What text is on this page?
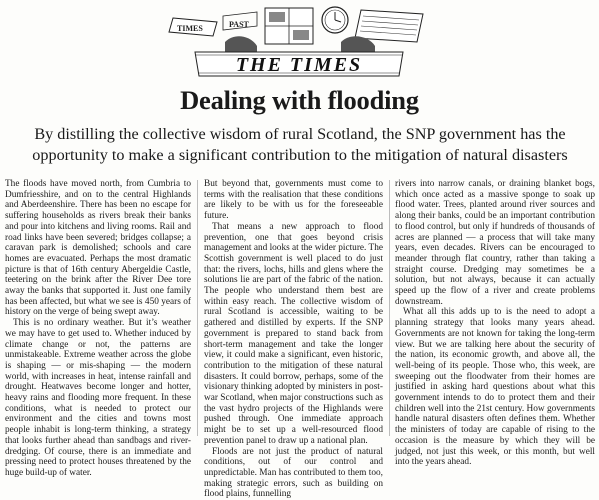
TIMES	PAST
THE TIMES
Dealing with flooding

By distilling the collective wisdom of rural Scotland, the SNP government has the opportunity to make a significant contribution to the mitigation of natural disasters

The floods have moved north, from Cumbria to Dumfriesshire, and on to the central Highlands and Aberdeenshire. There has been no escape for suffering households as rivers break their banks and pour into kitchens and living rooms. Rail and road links have been severed; bridges collapse; a caravan park is demolished; schools and care homes are evacuated. Perhaps the most dramatic picture is that of 16th century Abergeldie Castle, teetering on the brink after the River Dee tore away the banks that supported it. Just one family has been affected, but what we see is 450 years of history on the verge of being swept away.

This is no ordinary weather. But it’s weather we may have to get used to. Whether induced by climate change or not, the patterns are unmistakeable. Extreme weather across the globe is shaping — or mis-shaping — the modern world, with increases in heat, intense rainfall and drought. Heatwaves become longer and hotter, heavy rains and flooding more frequent. In these conditions, what is needed to protect our environment and the cities and towns most people inhabit is long-term thinking, a strategy that looks further ahead than sandbags and river-dredging. Of course, there is an immediate and pressing need to protect houses threatened by the huge build-up of water.

But beyond that, governments must come to terms with the realisation that these conditions are likely to be with us for the foreseeable future.

That means a new approach to flood prevention, one that goes beyond crisis management and looks at the wider picture. The Scottish government is well placed to do just that: the rivers, lochs, hills and glens where the solutions lie are part of the fabric of the nation. The people who understand them best are within easy reach. The collective wisdom of rural Scotland is accessible, waiting to be gathered and distilled by experts. If the SNP government is prepared to stand back from short-term management and take the longer view, it could make a significant, even historic, contribution to the mitigation of these natural disasters. It could borrow, perhaps, some of the visionary thinking adopted by ministers in post-war Scotland, when major constructions such as the vast hydro projects of the Highlands were pushed through. One immediate approach might be to set up a well-resourced flood prevention panel to draw up a national plan.

Floods are not just the product of natural conditions, out of our control and unpredictable. Man has contributed to them too, making strategic errors, such as building on flood plains, funnelling

rivers into narrow canals, or draining blanket bogs, which once acted as a massive sponge to soak up flood water. Trees, planted around river sources and along their banks, could be an important contribution to flood control, but only if hundreds of thousands of acres are planned — a process that will take many years, even decades. Rivers can be encouraged to meander through flat country, rather than taking a straight course. Dredging may sometimes be a solution, but not always, because it can actually speed up the flow of a river and create problems downstream.

What all this adds up to is the need to adopt a planning strategy that looks many years ahead. Governments are not known for taking the long-term view. But we are talking here about the security of the nation, its economic growth, and above all, the well-being of its people. Those who, this week, are sweeping out the floodwater from their homes are justified in asking hard questions about what this government intends to do to protect them and their children well into the 21st century. How governments handle natural disasters often defines them. Whether the ministers of today are capable of rising to the occasion is the measure by which they will be judged, not just this week, or this month, but well into the years ahead.
